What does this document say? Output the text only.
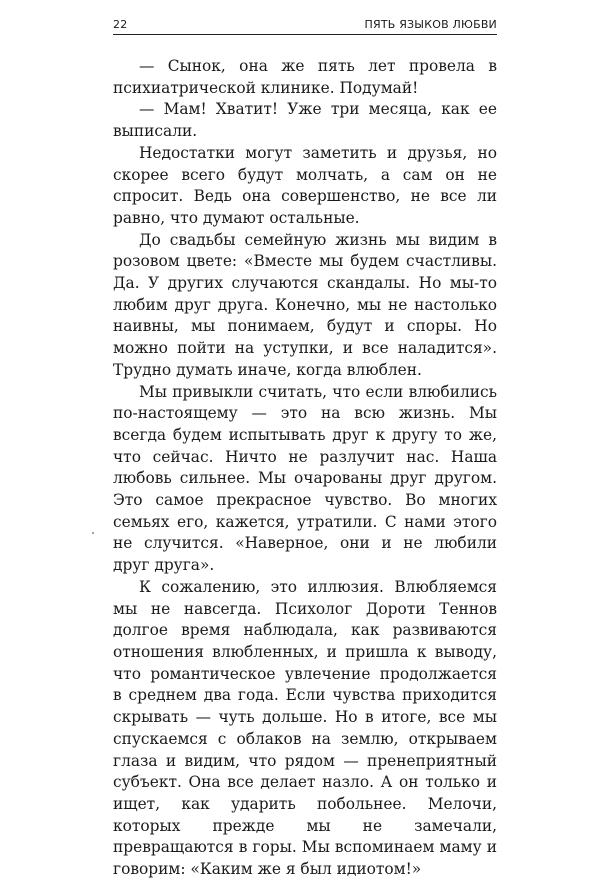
22	ПЯТЬ ЯЗЫКОВ ЛЮБВИ

— Сынок, она же пять лет провела в психиатрической клинике. Подумай!

— Мам! Хватит! Уже три месяца, как ее выписали.

Недостатки могут заметить и друзья, но скорее всего будут молчать, а сам он не спросит. Ведь она совершенство, не все ли равно, что думают остальные.

До свадьбы семейную жизнь мы видим в розовом цвете: «Вместе мы будем счастливы. Да. У других случаются скандалы. Но мы-то любим друг друга. Конечно, мы не настолько наивны, мы понимаем, будут и споры. Но можно пойти на уступки, и все наладится». Трудно думать иначе, когда влюблен.

Мы привыкли считать, что если влюбились по-настоящему — это на всю жизнь. Мы всегда будем испытывать друг к другу то же, что сейчас. Ничто не разлучит нас. Наша любовь сильнее. Мы очарованы друг другом. Это самое прекрасное чувство. Во многих семьях его, кажется, утратили. С нами этого не случится. «Наверное, они и не любили друг друга».

К сожалению, это иллюзия. Влюбляемся мы не навсегда. Психолог Дороти Теннов долгое время наблюдала, как развиваются отношения влюбленных, и пришла к выводу, что романтическое увлечение продолжается в среднем два года. Если чувства приходится скрывать — чуть дольше. Но в итоге, все мы спускаемся с облаков на землю, открываем глаза и видим, что рядом — пренеприятный субъект. Она все делает назло. А он только и ищет, как ударить побольнее. Мелочи, которых прежде мы не замечали, превращаются в горы. Мы вспоминаем маму и говорим: «Каким же я был идиотом!»
